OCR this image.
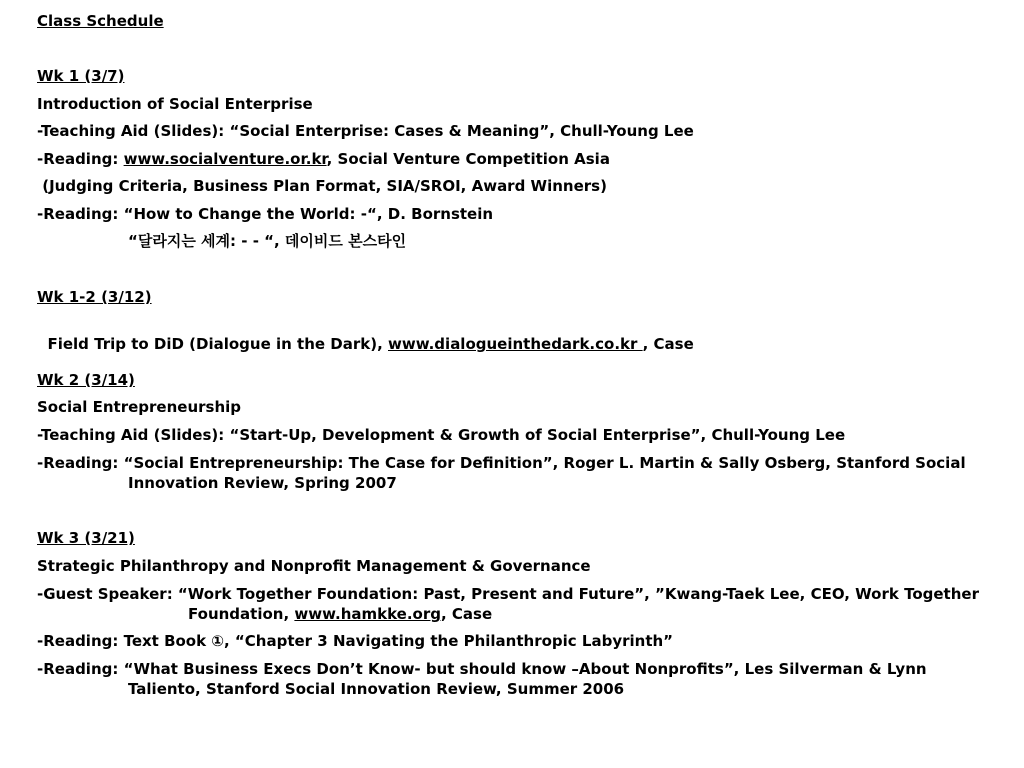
Class Schedule
Wk 1 (3/7)
Introduction of Social Enterprise
-Teaching Aid (Slides): “Social Enterprise: Cases & Meaning”, Chull-Young Lee
-Reading: www.socialventure.or.kr, Social Venture Competition Asia
(Judging Criteria, Business Plan Format, SIA/SROI, Award Winners)
-Reading: “How to Change the World: -“, D. Bornstein
“달라지는 세계: - - “, 데이비드 본스타인
Wk 1-2 (3/12)

Field Trip to DiD (Dialogue in the Dark), www.dialogueinthedark.co.kr , Case

Wk 2 (3/14)
Social Entrepreneurship
-Teaching Aid (Slides): “Start-Up, Development & Growth of Social Enterprise”, Chull-Young Lee
-Reading: “Social Entrepreneurship: The Case for Definition”, Roger L. Martin & Sally Osberg, Stanford Social
Innovation Review, Spring 2007
Wk 3 (3/21)
Strategic Philanthropy and Nonprofit Management & Governance
-Guest Speaker: “Work Together Foundation: Past, Present and Future”, ”Kwang-Taek Lee, CEO, Work Together
Foundation, www.hamkke.org, Case
-Reading: Text Book ①, “Chapter 3 Navigating the Philanthropic Labyrinth”
-Reading: “What Business Execs Don’t Know- but should know –About Nonprofits”, Les Silverman & Lynn
Taliento, Stanford Social Innovation Review, Summer 2006
